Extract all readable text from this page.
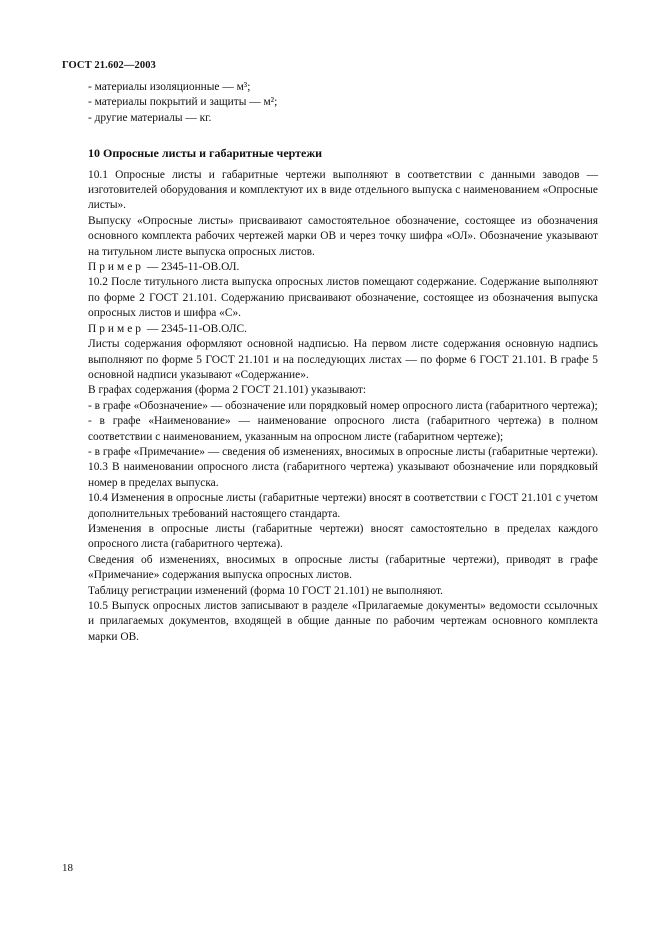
ГОСТ 21.602—2003
- материалы изоляционные — м³;
- материалы покрытий и защиты — м²;
- другие материалы — кг.
10 Опросные листы и габаритные чертежи

10.1 Опросные листы и габаритные чертежи выполняют в соответствии с данными заводов — изготовителей оборудования и комплектуют их в виде отдельного выпуска с наименованием «Опросные листы».

Выпуску «Опросные листы» присваивают самостоятельное обозначение, состоящее из обозначения основного комплекта рабочих чертежей марки ОВ и через точку шифра «ОЛ». Обозначение указывают на титульном листе выпуска опросных листов.

Пример — 2345-11-ОВ.ОЛ.

10.2 После титульного листа выпуска опросных листов помещают содержание. Содержание выполняют по форме 2 ГОСТ 21.101. Содержанию присваивают обозначение, состоящее из обозначения выпуска опросных листов и шифра «С».

Пример — 2345-11-ОВ.ОЛС.

Листы содержания оформляют основной надписью. На первом листе содержания основную надпись выполняют по форме 5 ГОСТ 21.101 и на последующих листах — по форме 6 ГОСТ 21.101. В графе 5 основной надписи указывают «Содержание».

В графах содержания (форма 2 ГОСТ 21.101) указывают:

- в графе «Обозначение» — обозначение или порядковый номер опросного листа (габаритного чертежа);

- в графе «Наименование» — наименование опросного листа (габаритного чертежа) в полном соответствии с наименованием, указанным на опросном листе (габаритном чертеже);

- в графе «Примечание» — сведения об изменениях, вносимых в опросные листы (габаритные чертежи).

10.3 В наименовании опросного листа (габаритного чертежа) указывают обозначение или порядковый номер в пределах выпуска.

10.4 Изменения в опросные листы (габаритные чертежи) вносят в соответствии с ГОСТ 21.101 с учетом дополнительных требований настоящего стандарта.

Изменения в опросные листы (габаритные чертежи) вносят самостоятельно в пределах каждого опросного листа (габаритного чертежа).

Сведения об изменениях, вносимых в опросные листы (габаритные чертежи), приводят в графе «Примечание» содержания выпуска опросных листов.

Таблицу регистрации изменений (форма 10 ГОСТ 21.101) не выполняют.

10.5 Выпуск опросных листов записывают в разделе «Прилагаемые документы» ведомости ссылочных и прилагаемых документов, входящей в общие данные по рабочим чертежам основного комплекта марки ОВ.

18
